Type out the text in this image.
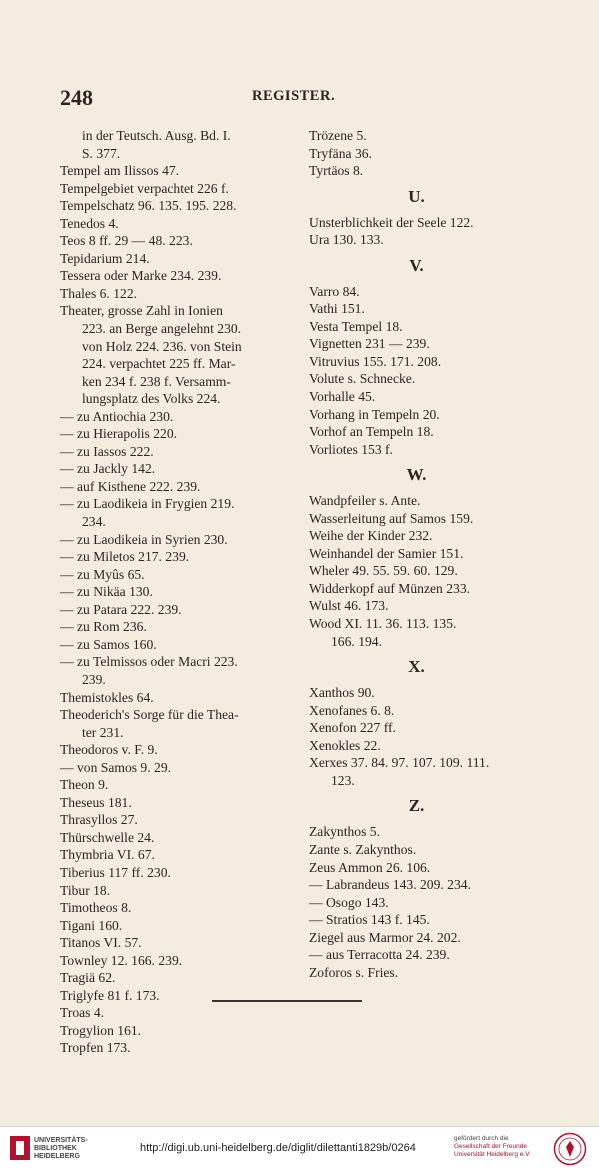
248	REGISTER.
in der Teutsch. Ausg. Bd. I.
S. 377.
Tempel am Ilissos 47.
Tempelgebiet verpachtet 226 f.
Tempelschatz 96. 135. 195. 228.
Tenedos 4.
Teos 8 ff. 29 — 48. 223.
Tepidarium 214.
Tessera oder Marke 234. 239.
Thales 6. 122.
Theater, grosse Zahl in Ionien
223. an Berge angelehnt 230.
von Holz 224. 236. von Stein
224. verpachtet 225 ff. Mar-
ken 234 f. 238 f. Versamm-
lungsplatz des Volks 224.
— zu Antiochia 230.
— zu Hierapolis 220.
— zu Iassos 222.
— zu Jackly 142.
— auf Kisthene 222. 239.
— zu Laodikeia in Frygien 219.
234.
— zu Laodikeia in Syrien 230.
— zu Miletos 217. 239.
— zu Myûs 65.
— zu Nikäa 130.
— zu Patara 222. 239.
— zu Rom 236.
— zu Samos 160.
— zu Telmissos oder Macri 223.
239.
Themistokles 64.
Theoderich's Sorge für die Thea-
ter 231.
Theodoros v. F. 9.
— von Samos 9. 29.
Theon 9.
Theseus 181.
Thrasyllos 27.
Thürschwelle 24.
Thymbria VI. 67.
Tiberius 117 ff. 230.
Tibur 18.
Timotheos 8.
Tigani 160.
Titanos VI. 57.
Townley 12. 166. 239.
Tragiä 62.
Triglyfe 81 f. 173.
Troas 4.
Trogylion 161.
Tropfen 173.
Trözene 5.
Tryfäna 36.
Tyrtäos 8.
U.
Unsterblichkeit der Seele 122.
Ura 130. 133.
V.
Varro 84.
Vathi 151.
Vesta Tempel 18.
Vignetten 231 — 239.
Vitruvius 155. 171. 208.
Volute s. Schnecke.
Vorhalle 45.
Vorhang in Tempeln 20.
Vorhof an Tempeln 18.
Vorliotes 153 f.
W.
Wandpfeiler s. Ante.
Wasserleitung auf Samos 159.
Weihe der Kinder 232.
Weinhandel der Samier 151.
Wheler 49. 55. 59. 60. 129.
Widderkopf auf Münzen 233.
Wulst 46. 173.
Wood XI. 11. 36. 113. 135.
166. 194.
X.
Xanthos 90.
Xenofanes 6. 8.
Xenofon 227 ff.
Xenokles 22.
Xerxes 37. 84. 97. 107. 109. 111.
123.
Z.
Zakynthos 5.
Zante s. Zakynthos.
Zeus Ammon 26. 106.
— Labrandeus 143. 209. 234.
— Osogo 143.
— Stratios 143 f. 145.
Ziegel aus Marmor 24. 202.
— aus Terracotta 24. 239.
Zoforos s. Fries.
UNIVERSITÄTS-
BIBLIOTHEK
HEIDELBERG
http://digi.ub.uni-heidelberg.de/diglit/dilettanti1829b/0264
gefördert durch die
Gesellschaft der Freunde
Universität Heidelberg e.V.
